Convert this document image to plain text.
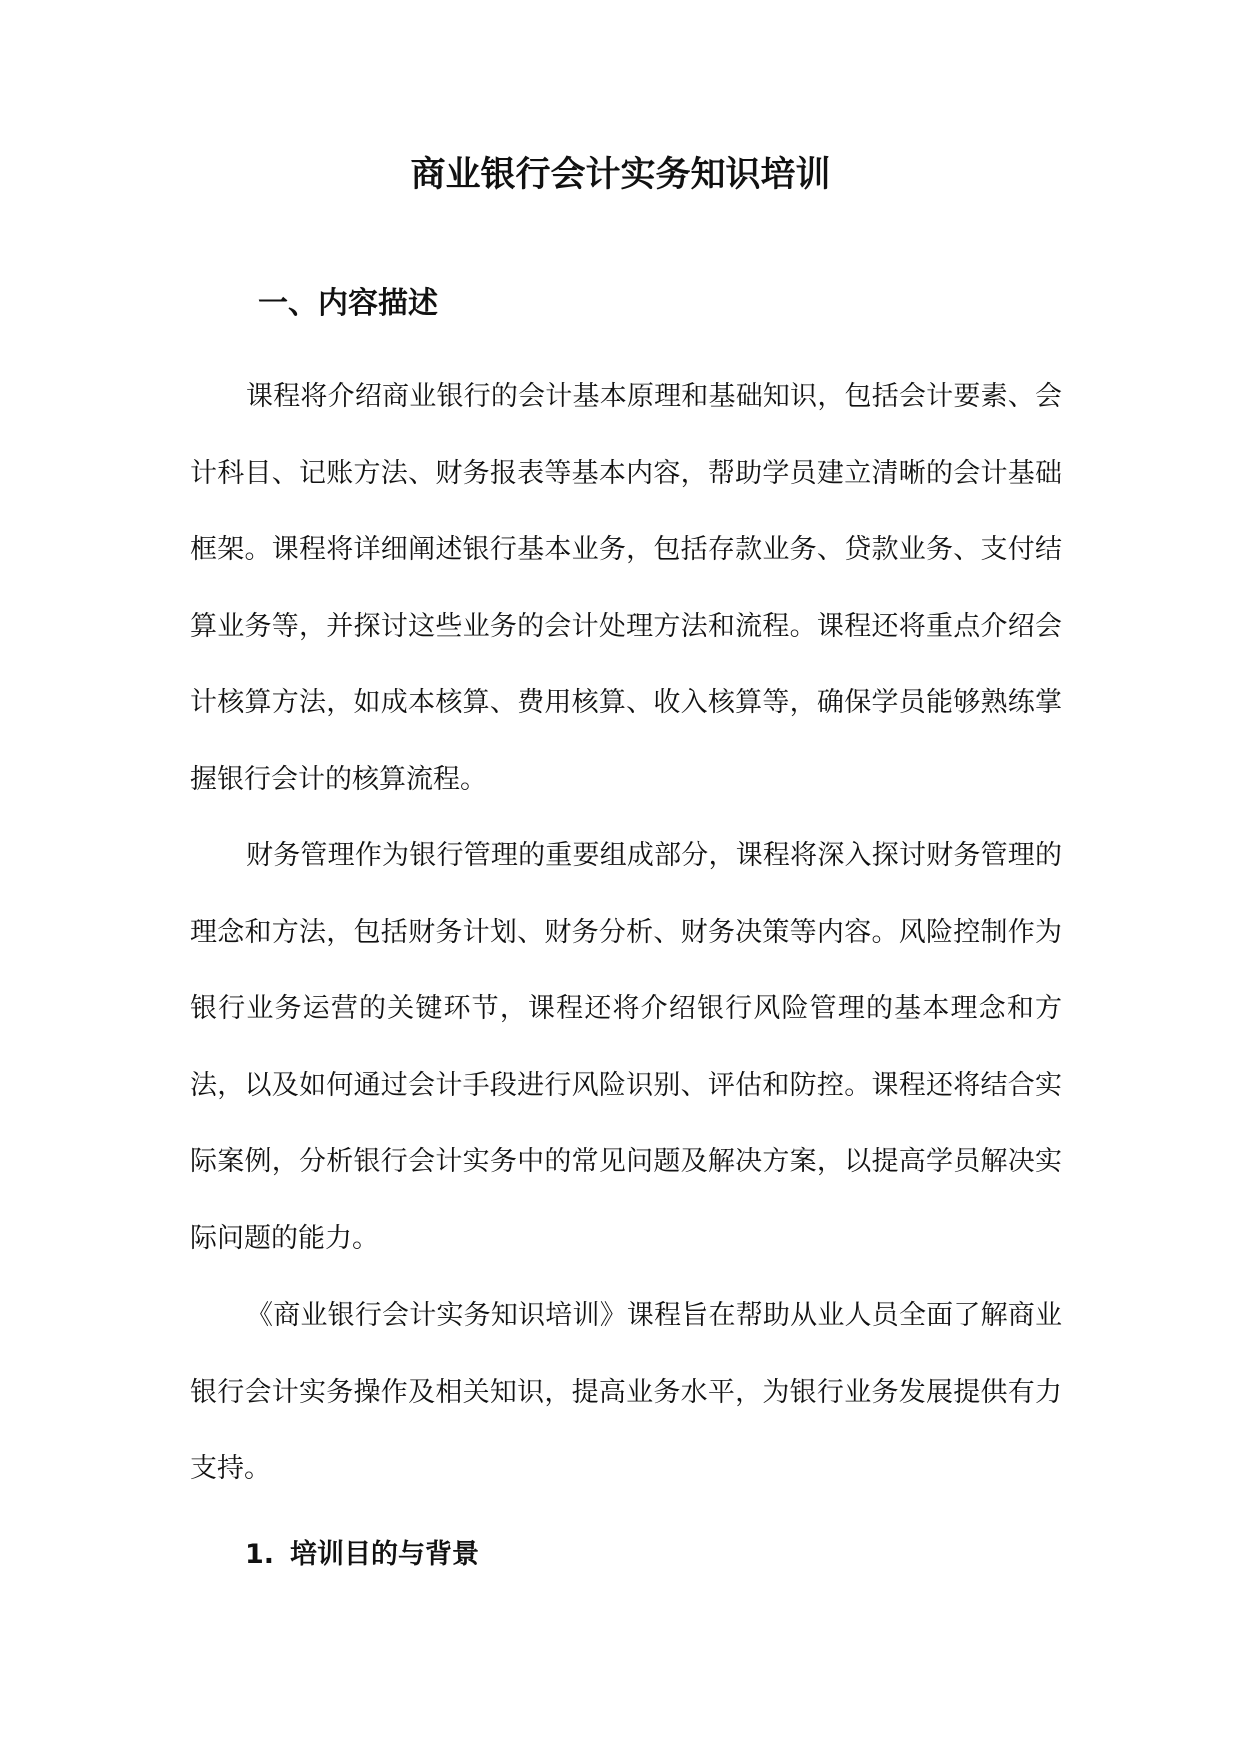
商业银行会计实务知识培训
一、内容描述

课程将介绍商业银行的会计基本原理和基础知识，包括会计要素、会计科目、记账方法、财务报表等基本内容，帮助学员建立清晰的会计基础框架。课程将详细阐述银行基本业务，包括存款业务、贷款业务、支付结算业务等，并探讨这些业务的会计处理方法和流程。课程还将重点介绍会计核算方法，如成本核算、费用核算、收入核算等，确保学员能够熟练掌握银行会计的核算流程。

财务管理作为银行管理的重要组成部分，课程将深入探讨财务管理的理念和方法，包括财务计划、财务分析、财务决策等内容。风险控制作为银行业务运营的关键环节，课程还将介绍银行风险管理的基本理念和方法，以及如何通过会计手段进行风险识别、评估和防控。课程还将结合实际案例，分析银行会计实务中的常见问题及解决方案，以提高学员解决实际问题的能力。

《商业银行会计实务知识培训》课程旨在帮助从业人员全面了解商业银行会计实务操作及相关知识，提高业务水平，为银行业务发展提供有力支持。

1. 培训目的与背景
